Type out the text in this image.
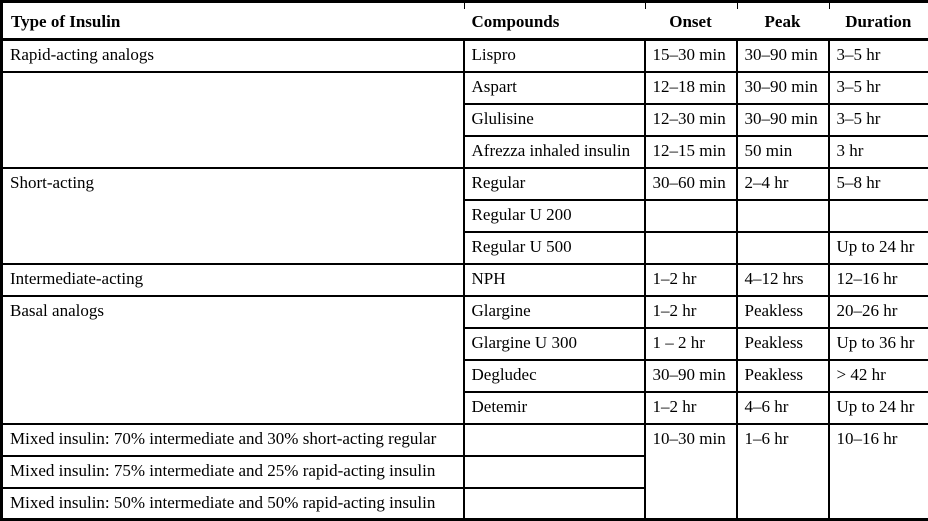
Type of Insulin	Compounds	Onset	Peak	Duration
Rapid-acting analogs	Lispro	15–30 min	30–90 min	3–5 hr
	Aspart	12–18 min	30–90 min	3–5 hr
	Glulisine	12–30 min	30–90 min	3–5 hr
	Afrezza inhaled insulin	12–15 min	50 min	3 hr
Short-acting	Regular	30–60 min	2–4 hr	5–8 hr
	Regular U 200			
	Regular U 500			Up to 24 hr
Intermediate-acting	NPH	1–2 hr	4–12 hrs	12–16 hr
Basal analogs	Glargine	1–2 hr	Peakless	20–26 hr
	Glargine U 300	1 – 2 hr	Peakless	Up to 36 hr
	Degludec	30–90 min	Peakless	> 42 hr
	Detemir	1–2 hr	4–6 hr	Up to 24 hr
Mixed insulin: 70% intermediate and 30% short-acting regular		10–30 min	1–6 hr	10–16 hr
Mixed insulin: 75% intermediate and 25% rapid-acting insulin				
Mixed insulin: 50% intermediate and 50% rapid-acting insulin				
